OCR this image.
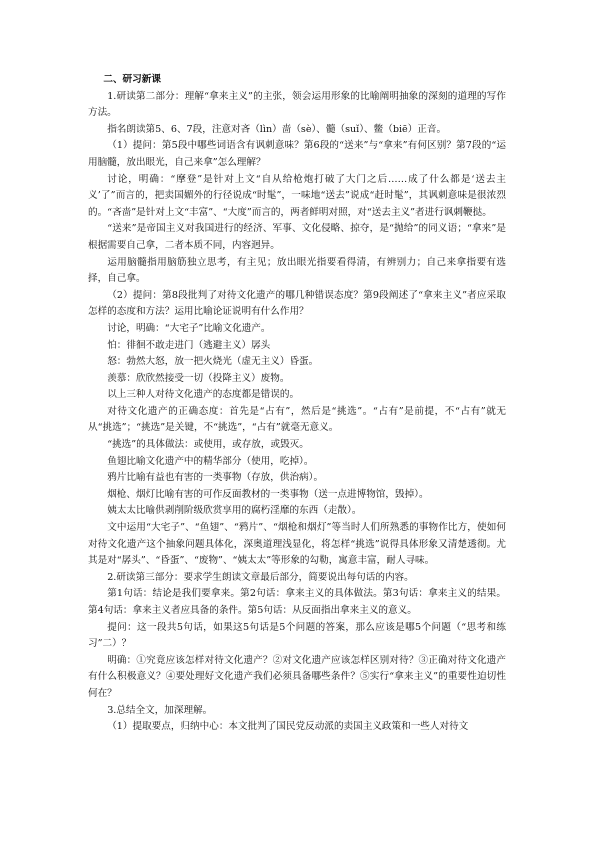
二、研习新课

1.研读第二部分：理解“拿来主义”的主张，领会运用形象的比喻阐明抽象的深刻的道理的写作方法。

指名朗读第5、6、7段，注意对吝（lìn）啬（sè）、髓（suǐ）、鳖（biē）正音。

（1）提问：第5段中哪些词语含有讽刺意味？第6段的“送来”与“拿来”有何区别？第7段的“运用脑髓，放出眼光，自己来拿”怎么理解？

讨论，明确：“摩登”是针对上文“自从给枪炮打破了大门之后……成了什么都是‘送去主义’了”而言的，把卖国媚外的行径说成“时髦”，一味地“送去”说成“赶时髦”，其讽刺意味是很浓烈的。“吝啬”是针对上文“丰富”、“大度”而言的，两者鲜明对照，对“送去主义”者进行讽刺鞭挞。

“送来”是帝国主义对我国进行的经济、军事、文化侵略、掠夺，是“抛给”的同义语；“拿来”是根据需要自己拿，二者本质不同，内容迥异。

运用脑髓指用脑筋独立思考，有主见；放出眼光指要看得清，有辨别力；自己来拿指要有选择，自己拿。

（2）提问：第8段批判了对待文化遗产的哪几种错误态度？第9段阐述了“拿来主义”者应采取怎样的态度和方法？运用比喻论证说明有什么作用？

讨论，明确：“大宅子”比喻文化遗产。

怕：徘徊不敢走进门（逃避主义）孱头

怒：勃然大怒，放一把火烧光（虚无主义）昏蛋。

羡慕：欣欣然接受一切（投降主义）废物。

以上三种人对待文化遗产的态度都是错误的。

对待文化遗产的正确态度：首先是“占有”，然后是“挑选”。“占有”是前提，不“占有”就无从“挑选”；“挑选”是关键，不“挑选”，“占有”就毫无意义。

“挑选”的具体做法：或使用，或存放，或毁灭。

鱼翅比喻文化遗产中的精华部分（使用，吃掉）。

鸦片比喻有益也有害的一类事物（存放，供治病）。

烟枪、烟灯比喻有害的可作反面教材的一类事物（送一点进博物馆，毁掉）。

姨太太比喻供剥削阶级欣赏享用的腐朽淫靡的东西（走散）。

文中运用“大宅子”、“鱼翅”、“鸦片”、“烟枪和烟灯”等当时人们所熟悉的事物作比方，使如何对待文化遗产这个抽象问题具体化，深奥道理浅显化，将怎样“挑选”说得具体形象又清楚透彻。尤其是对“孱头”、“昏蛋”、“废物”、“姨太太”等形象的勾勒，寓意丰富，耐人寻味。

2.研读第三部分：要求学生朗读文章最后部分，简要说出每句话的内容。

第1句话：结论是我们要拿来。第2句话：拿来主义的具体做法。第3句话：拿来主义的结果。第4句话：拿来主义者应具备的条件。第5句话：从反面指出拿来主义的意义。

提问：这一段共5句话，如果这5句话是5个问题的答案，那么应该是哪5个问题（“思考和练习”二）？

明确：①究竟应该怎样对待文化遗产？②对文化遗产应该怎样区别对待？③正确对待文化遗产有什么积极意义？④要处理好文化遗产我们必须具备哪些条件？⑤实行“拿来主义”的重要性迫切性何在？

3.总结全文，加深理解。

（1）提取要点，归纳中心：本文批判了国民党反动派的卖国主义政策和一些人对待文
